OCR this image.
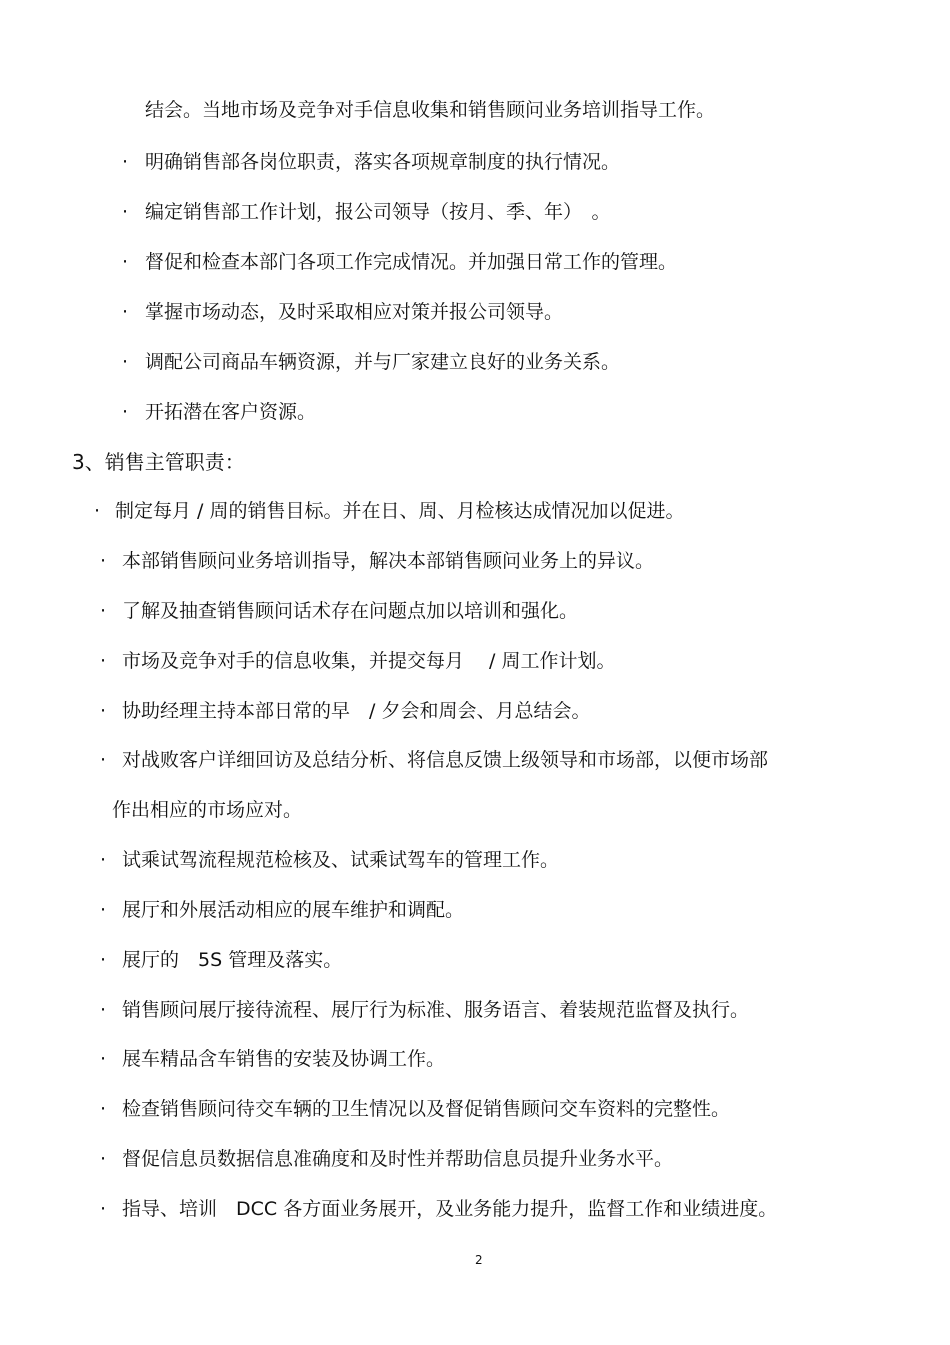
结会。当地市场及竞争对手信息收集和销售顾问业务培训指导工作。
· 明确销售部各岗位职责，落实各项规章制度的执行情况。
· 编定销售部工作计划，报公司领导（按月、季、年）　。
· 督促和检查本部门各项工作完成情况。并加强日常工作的管理。
· 掌握市场动态，及时采取相应对策并报公司领导。
· 调配公司商品车辆资源，并与厂家建立良好的业务关系。
· 开拓潜在客户资源。
3、销售主管职责：
· 制定每月 / 周的销售目标。并在日、周、月检核达成情况加以促进。
· 本部销售顾问业务培训指导，解决本部销售顾问业务上的异议。
· 了解及抽查销售顾问话术存在问题点加以培训和强化。
· 市场及竞争对手的信息收集，并提交每月　 / 周工作计划。
· 协助经理主持本部日常的早　/ 夕会和周会、月总结会。
· 对战败客户详细回访及总结分析、将信息反馈上级领导和市场部，以便市场部
作出相应的市场应对。
· 试乘试驾流程规范检核及、试乘试驾车的管理工作。
· 展厅和外展活动相应的展车维护和调配。
· 展厅的　5S 管理及落实。
· 销售顾问展厅接待流程、展厅行为标准、服务语言、着装规范监督及执行。
· 展车精品含车销售的安装及协调工作。
· 检查销售顾问待交车辆的卫生情况以及督促销售顾问交车资料的完整性。
· 督促信息员数据信息准确度和及时性并帮助信息员提升业务水平。
· 指导、培训　DCC 各方面业务展开，及业务能力提升，监督工作和业绩进度。
2
